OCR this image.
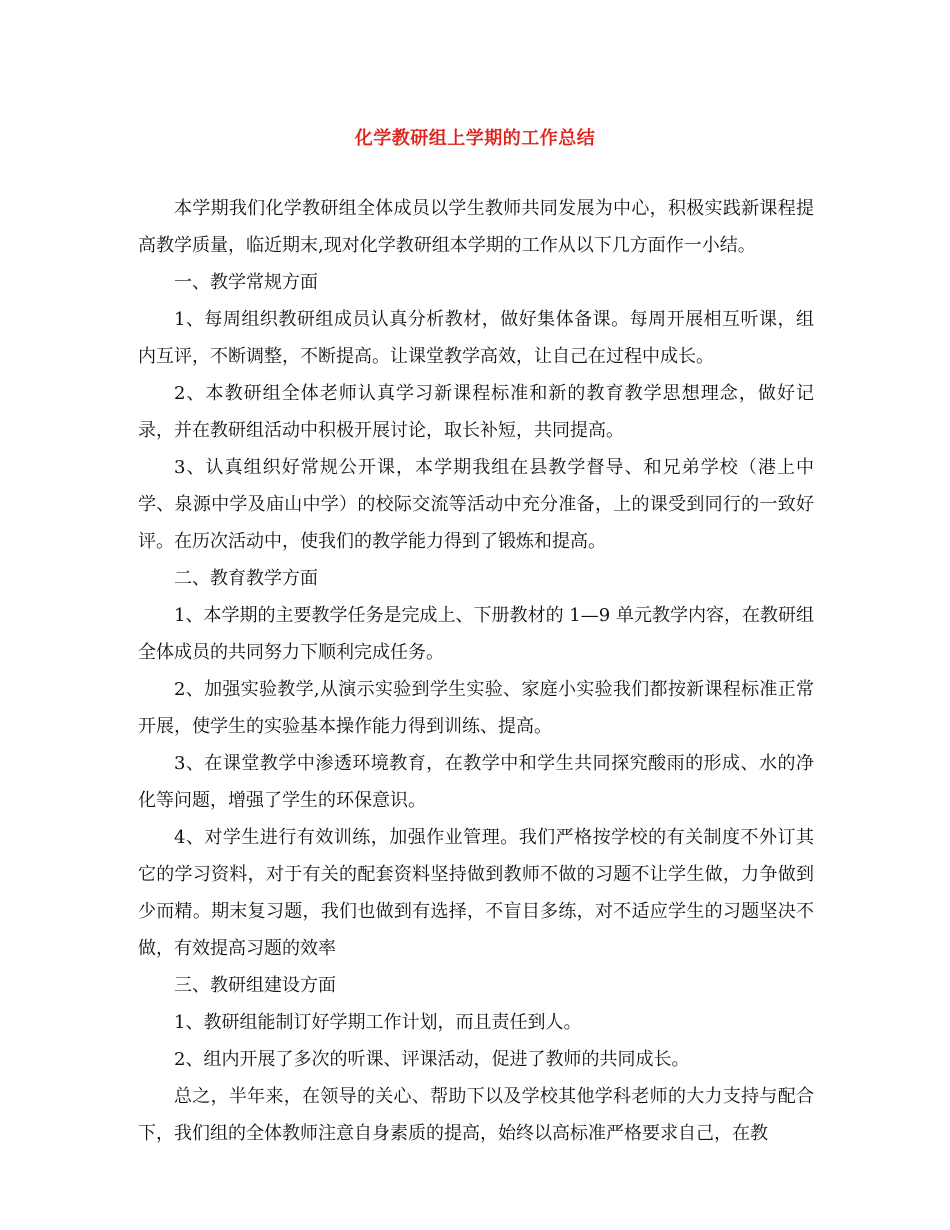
化学教研组上学期的工作总结

本学期我们化学教研组全体成员以学生教师共同发展为中心，积极实践新课程提高教学质量，临近期末,现对化学教研组本学期的工作从以下几方面作一小结。

一、教学常规方面

1、每周组织教研组成员认真分析教材，做好集体备课。每周开展相互听课，组内互评，不断调整，不断提高。让课堂教学高效，让自己在过程中成长。

2、本教研组全体老师认真学习新课程标准和新的教育教学思想理念，做好记录，并在教研组活动中积极开展讨论，取长补短，共同提高。

3、认真组织好常规公开课，本学期我组在县教学督导、和兄弟学校（港上中学、泉源中学及庙山中学）的校际交流等活动中充分准备，上的课受到同行的一致好评。在历次活动中，使我们的教学能力得到了锻炼和提高。

二、教育教学方面

1、本学期的主要教学任务是完成上、下册教材的 1—9 单元教学内容，在教研组全体成员的共同努力下顺利完成任务。

2、加强实验教学,从演示实验到学生实验、家庭小实验我们都按新课程标准正常开展，使学生的实验基本操作能力得到训练、提高。

3、在课堂教学中渗透环境教育，在教学中和学生共同探究酸雨的形成、水的净化等问题，增强了学生的环保意识。

4、对学生进行有效训练，加强作业管理。我们严格按学校的有关制度不外订其它的学习资料，对于有关的配套资料坚持做到教师不做的习题不让学生做，力争做到少而精。期末复习题，我们也做到有选择，不盲目多练，对不适应学生的习题坚决不做，有效提高习题的效率

三、教研组建设方面

1、教研组能制订好学期工作计划，而且责任到人。

2、组内开展了多次的听课、评课活动，促进了教师的共同成长。

总之，半年来，在领导的关心、帮助下以及学校其他学科老师的大力支持与配合下，我们组的全体教师注意自身素质的提高，始终以高标准严格要求自己，在教
